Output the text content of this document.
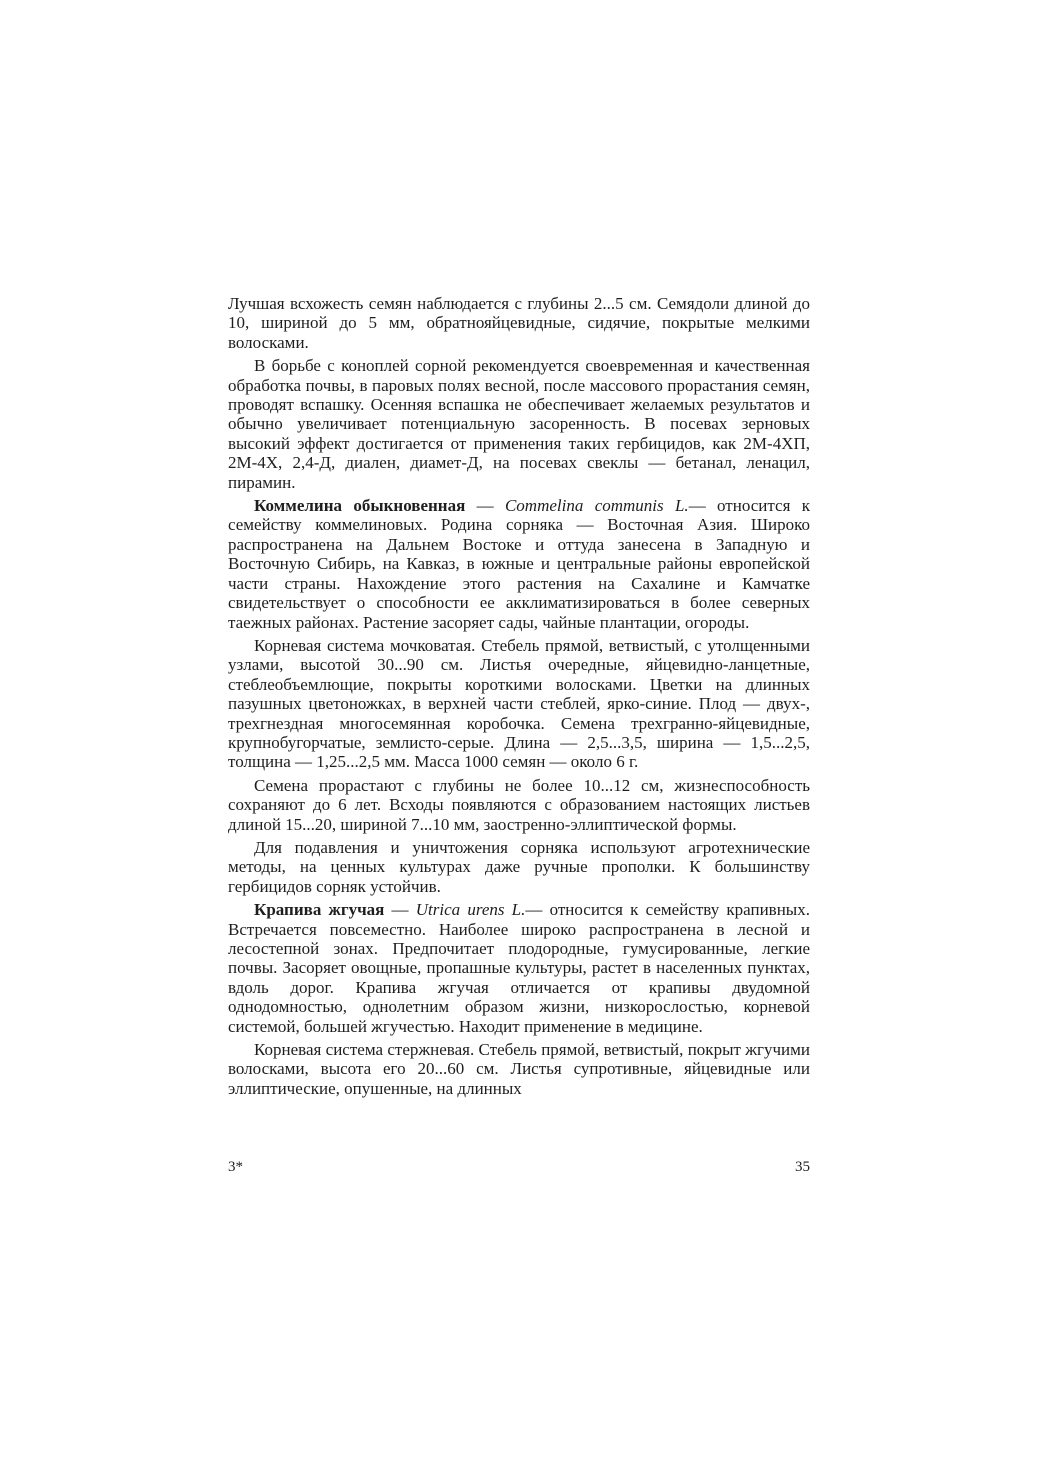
Лучшая всхожесть семян наблюдается с глубины 2...5 см. Семядоли длиной до 10, шириной до 5 мм, обратнояйцевидные, сидячие, покрытые мелкими волосками.

В борьбе с коноплей сорной рекомендуется своевременная и качественная обработка почвы, в паровых полях весной, после массового прорастания семян, проводят вспашку. Осенняя вспашка не обеспечивает желаемых результатов и обычно увеличивает потенциальную засоренность. В посевах зерновых высокий эффект достигается от применения таких гербицидов, как 2М-4ХП, 2М-4Х, 2,4-Д, диален, диамет-Д, на посевах свеклы — бетанал, ленацил, пирамин.

Коммелина обыкновенная — Commelina communis L.— относится к семейству коммелиновых. Родина сорняка — Восточная Азия. Широко распространена на Дальнем Востоке и оттуда занесена в Западную и Восточную Сибирь, на Кавказ, в южные и центральные районы европейской части страны. Нахождение этого растения на Сахалине и Камчатке свидетельствует о способности ее акклиматизироваться в более северных таежных районах. Растение засоряет сады, чайные плантации, огороды.

Корневая система мочковатая. Стебель прямой, ветвистый, с утолщенными узлами, высотой 30...90 см. Листья очередные, яйцевидно-ланцетные, стеблеобъемлющие, покрыты короткими волосками. Цветки на длинных пазушных цветоножках, в верхней части стеблей, ярко-синие. Плод — двух-, трехгнездная многосемянная коробочка. Семена трехгранно-яйцевидные, крупнобугорчатые, землисто-серые. Длина — 2,5...3,5, ширина — 1,5...2,5, толщина — 1,25...2,5 мм. Масса 1000 семян — около 6 г.

Семена прорастают с глубины не более 10...12 см, жизнеспособность сохраняют до 6 лет. Всходы появляются с образованием настоящих листьев длиной 15...20, шириной 7...10 мм, заостренно-эллиптической формы.

Для подавления и уничтожения сорняка используют агротехнические методы, на ценных культурах даже ручные прополки. К большинству гербицидов сорняк устойчив.

Крапива жгучая — Utrica urens L.— относится к семейству крапивных. Встречается повсеместно. Наиболее широко распространена в лесной и лесостепной зонах. Предпочитает плодородные, гумусированные, легкие почвы. Засоряет овощные, пропашные культуры, растет в населенных пунктах, вдоль дорог. Крапива жгучая отличается от крапивы двудомной однодомностью, однолетним образом жизни, низкорослостью, корневой системой, большей жгучестью. Находит применение в медицине.

Корневая система стержневая. Стебель прямой, ветвистый, покрыт жгучими волосками, высота его 20...60 см. Листья супротивные, яйцевидные или эллиптические, опушенные, на длинных

3*	35
